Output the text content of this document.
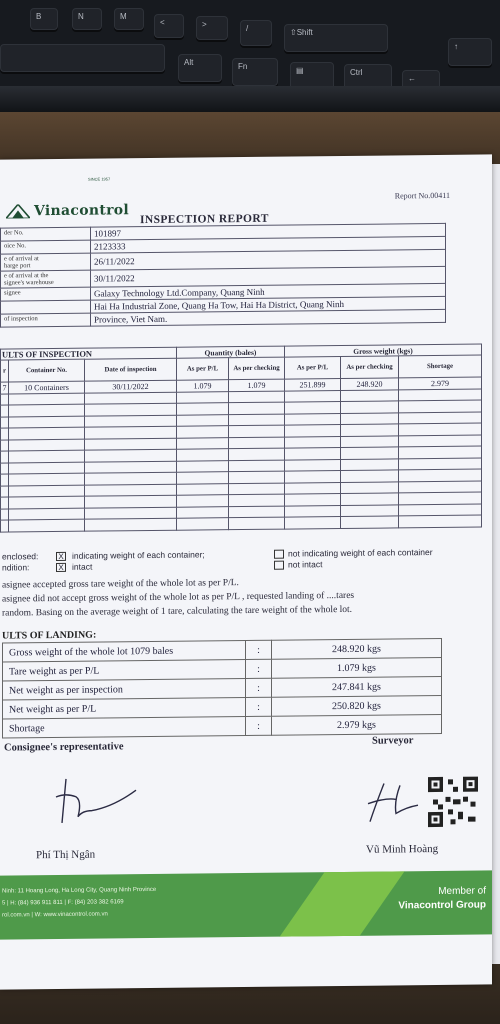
B	N	M
<	>	/	⇧Shift
Alt	Fn	▤	Ctrl
←
↑
Vinacontrol
SINCE 1957
Report No.00411
INSPECTION REPORT
der No.	101897
oice No.	2123333
e of arrival at
harge port	26/11/2022
e of arrival at the
signee's warehouse	30/11/2022
signee	Galaxy Technology Ltd.Company, Quang Ninh
	Hai Ha Industrial Zone, Quang Ha Tow, Hai Ha District, Quang Ninh
of inspection	Province, Viet Nam.
ULTS OF INSPECTION			Quantity (bales)		Gross weight (kgs)		
r	Container No.	Date of inspection	As per P/L	As per checking	As per P/L	As per checking	Shortage
7	10 Containers	30/11/2022	1.079	1.079	251.899	248.920	2.979

enclosed: X indicating weight of each container;	not indicating weight of each container
ndition:	X intact	not intact
asignee accepted gross tare weight of the whole lot as per P/L.
asignee did not accept gross weight of the whole lot as per P/L , requested landing of ....tares
random. Basing on the average weight of 1 tare, calculating the tare weight of the whole lot.
ULTS OF LANDING:
Gross weight of the whole lot 1079 bales	:	248.920 kgs
Tare weight as per P/L	:	1.079 kgs
Net weight as per inspection	:	247.841 kgs
Net weight as per P/L	:	250.820 kgs
Shortage	:	2.979 kgs
Consignee's representative
Surveyor
Phí Thị Ngân	Vũ Minh Hoàng
Ninh: 11 Hoang Long, Ha Long City, Quang Ninh Province
5 | H: (84) 936 911 811 | F: (84) 203 382 6169
rol.com.vn | W: www.vinacontrol.com.vn
Member of
Vinacontrol Group
